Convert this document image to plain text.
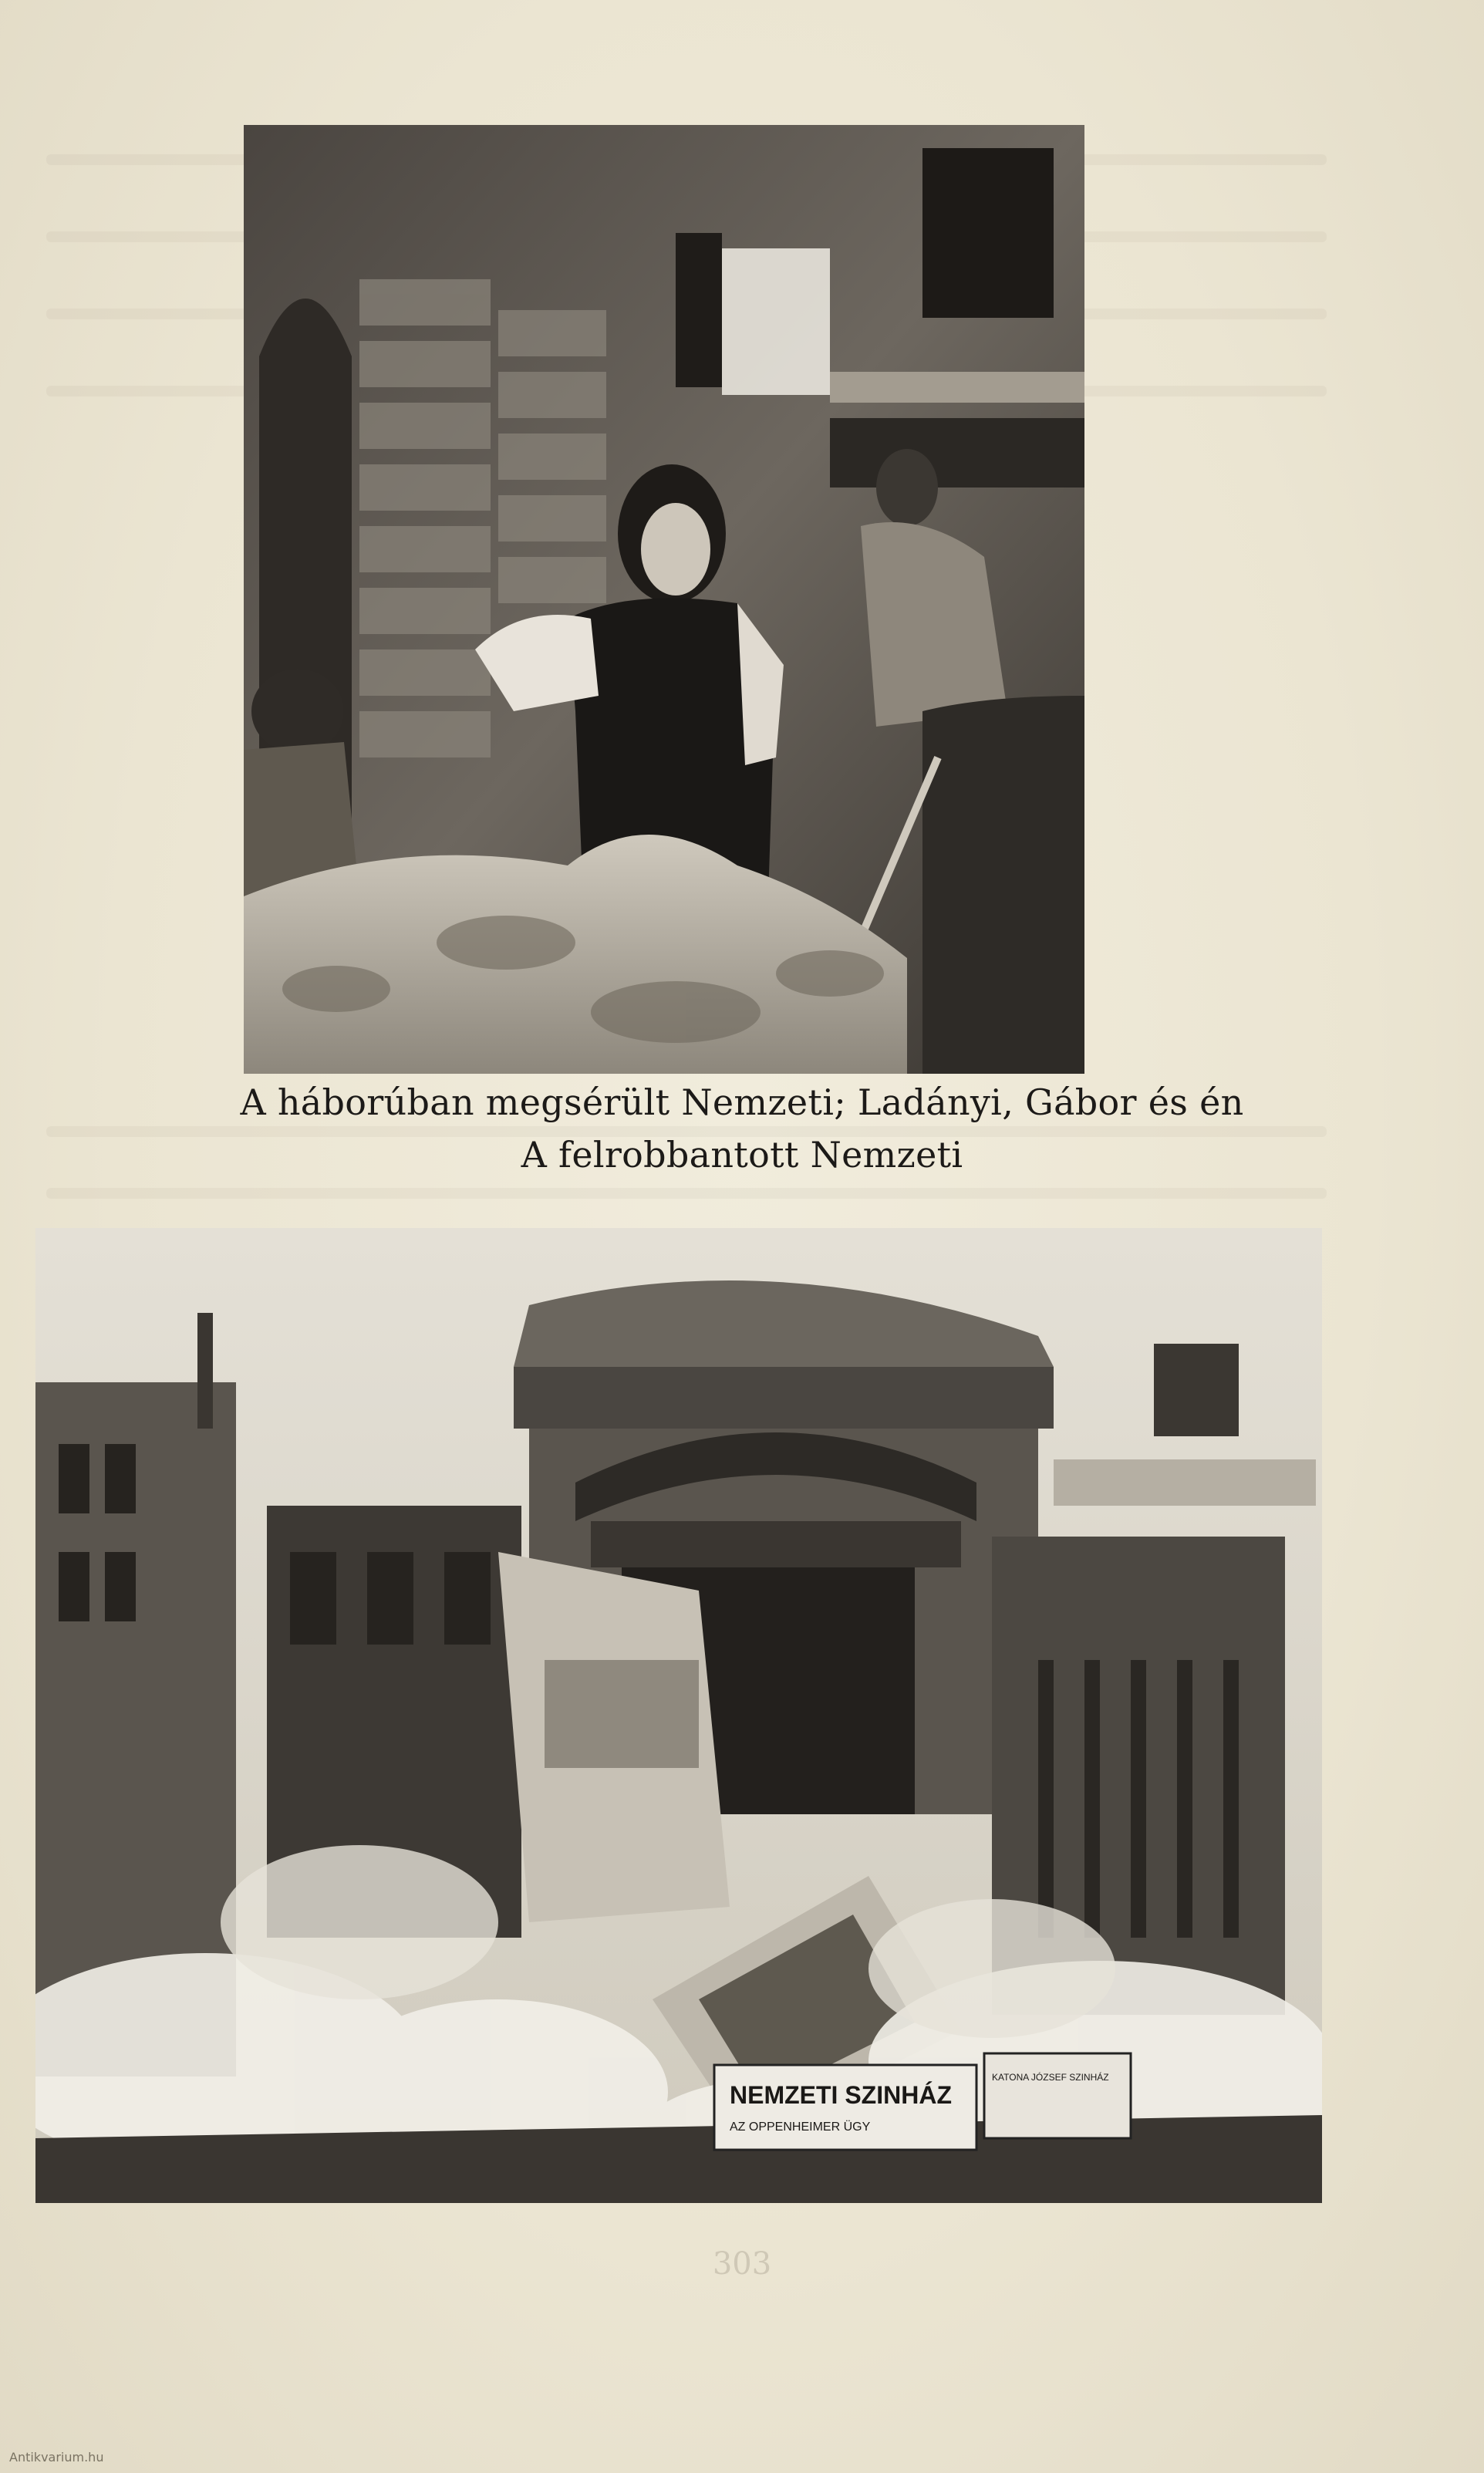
A háborúban megsérült Nemzeti; Ladányi, Gábor és én
A felrobbantott Nemzeti
NEMZETI SZINHÁZ
AZ OPPENHEIMER ÜGY
KATONA JÓZSEF SZINHÁZ
303
Antikvarium.hu
